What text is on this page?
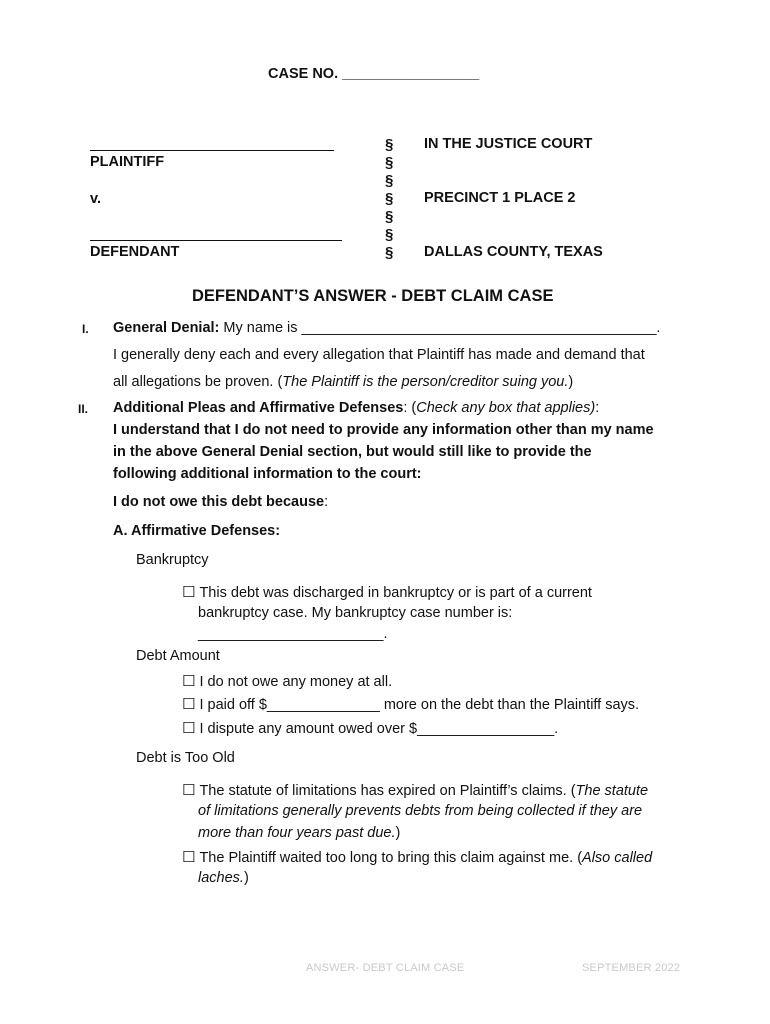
CASE NO. _________________
PLAINTIFF
v.
DEFENDANT
§
§
§
§
§
§
§
IN THE JUSTICE COURT
PRECINCT 1 PLACE 2
DALLAS COUNTY, TEXAS
DEFENDANT’S ANSWER - DEBT CLAIM CASE
I. General Denial: My name is ____________________________________________.
I generally deny each and every allegation that Plaintiff has made and demand that
all allegations be proven. (The Plaintiff is the person/creditor suing you.)
II. Additional Pleas and Affirmative Defenses: (Check any box that applies):
I understand that I do not need to provide any information other than my name
in the above General Denial section, but would still like to provide the
following additional information to the court:
I do not owe this debt because:
A. Affirmative Defenses:
Bankruptcy
☐ This debt was discharged in bankruptcy or is part of a current
bankruptcy case. My bankruptcy case number is:
_______________________.
Debt Amount
☐ I do not owe any money at all.
☐ I paid off $______________ more on the debt than the Plaintiff says.
☐ I dispute any amount owed over $_________________.
Debt is Too Old
☐ The statute of limitations has expired on Plaintiff’s claims. (The statute
of limitations generally prevents debts from being collected if they are
more than four years past due.)
☐ The Plaintiff waited too long to bring this claim against me. (Also called
laches.)
ANSWER- DEBT CLAIM CASE	SEPTEMBER 2022
